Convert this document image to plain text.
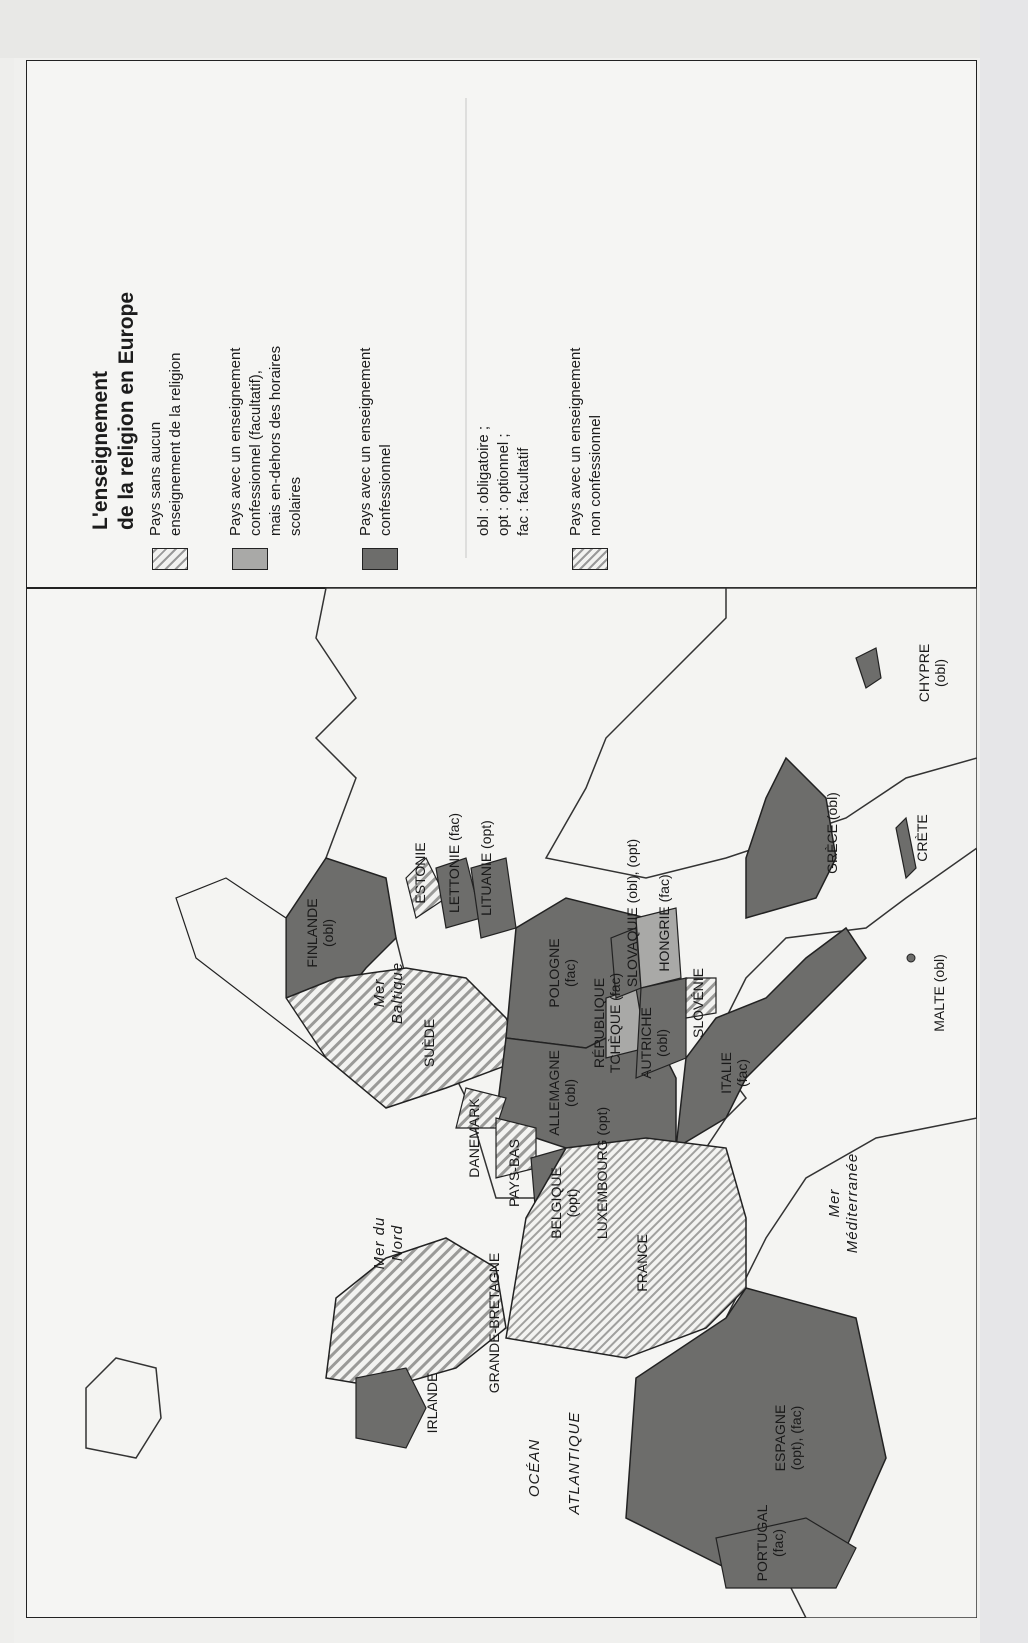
L'enseignement de la religion en Europe Pays sans aucun
enseignement de la religion
Pays avec un enseignement
confessionnel (facultatif),
mais en-dehors des horaires
scolaires	Pays avec un enseignement
confessionnel	obl : obligatoire ;
opt : optionnel ;
fac : facultatif
Pays avec un enseignement
non confessionnel
FINLANDE
(obl)
SUÈDE
ESTONIE LETTONIE (fac) LITUANIE (opt)
DANEMARK
POLOGNE
(fac)
ALLEMAGNE
(obl)
RÉPUBLIQUE
TCHÈQUE (fac) SLOVAQUIE (obl), (opt) HONGRIE (fac)
AUTRICHE
(obl)
SLOVÉNIE
ITALIE
(fac)
PAYS-BAS BELGIQUE
(opt) LUXEMBOURG (opt)
FRANCE
GRANDE-BRETAGNE
IRLANDE
ESPAGNE
(opt), (fac)
PORTUGAL
(fac)
GRÈCE (obl)	CRÈTE
CHYPRE
(obl)
MALTE (obl)
Mer
Baltique
Mer du
Nord
Mer
Méditerranée
OCÉAN ATLANTIQUE
